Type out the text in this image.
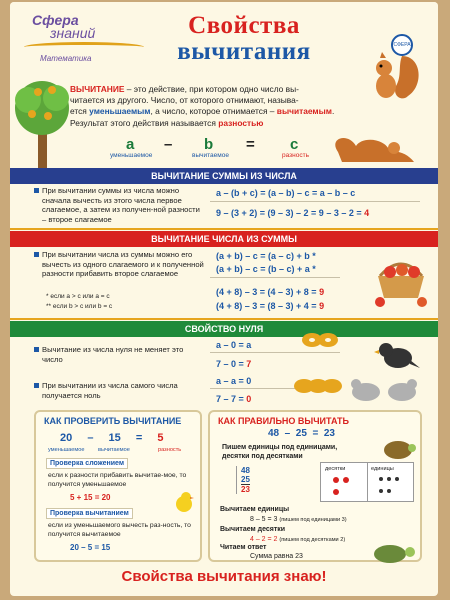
Сфера
знаний
Математика
Свойства
вычитания	СФЕРА
ВЫЧИТАНИЕ – это действие, при котором одно число вы-
читается из другого. Число, от которого отнимают, называ-
ется уменьшаемым, а число, которое отнимается – вычитаемым.
Результат этого действия называется разностью
a – b = c
уменьшаемое	вычитаемое	разность
ВЫЧИТАНИЕ СУММЫ ИЗ ЧИСЛА
При вычитании суммы из числа можно сначала вычесть из этого числа первое слагаемое, а затем из получен-ной разности – второе слагаемое
a – (b + c) = (a – b) – c = a – b – c
9 – (3 + 2) = (9 – 3) – 2 = 9 – 3 – 2 = 4
ВЫЧИТАНИЕ ЧИСЛА ИЗ СУММЫ
При вычитании числа из суммы можно его вычесть из одного слагаемого и к полученной разности прибавить второе слагаемое
* если a > c или a = c
** если b > c или b = c
(a + b) – c = (a – c) + b *
(a + b) – c = (b – c) + a *
(4 + 8) – 3 = (4 – 3) + 8 = 9
(4 + 8) – 3 = (8 – 3) + 4 = 9
СВОЙСТВО НУЛЯ
Вычитание из числа нуля не меняет это число
При вычитании из числа самого числа получается ноль
a – 0 = a
7 – 0 = 7
a – a = 0
7 – 7 = 0
КАК ПРОВЕРИТЬ ВЫЧИТАНИЕ
20 – 15 = 5
уменьшаемое вычитаемое	разность
Проверка сложением
если к разности прибавить вычитае-мое, то получится уменьшаемое
5 + 15 = 20
Проверка вычитанием
если из уменьшаемого вычесть раз-ность, то получится вычитаемое
20 – 5 = 15
КАК ПРАВИЛЬНО ВЫЧИТАТЬ
48  –  25  =  23
Пишем единицы под единицами, десятки под десятками
48
25
23
десятки	единицы
Вычитаем единицы
8 – 5 = 3 (пишем под единицами 3)
Вычитаем десятки
4 – 2 = 2 (пишем под десятками 2)
Читаем ответ
Сумма равна 23
Свойства вычитания знаю!
